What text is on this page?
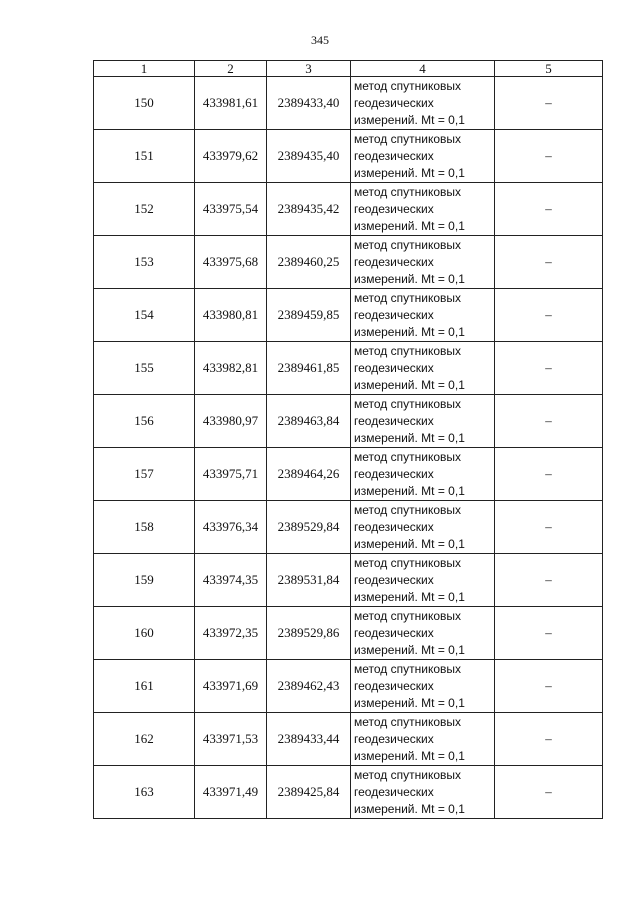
345
1	2	3	4	5
150	433981,61	2389433,40	метод спутниковых
геодезических
измерений. Mt = 0,1	–
151	433979,62	2389435,40	метод спутниковых
геодезических
измерений. Mt = 0,1	–
152	433975,54	2389435,42	метод спутниковых
геодезических
измерений. Mt = 0,1	–
153	433975,68	2389460,25	метод спутниковых
геодезических
измерений. Mt = 0,1	–
154	433980,81	2389459,85	метод спутниковых
геодезических
измерений. Mt = 0,1	–
155	433982,81	2389461,85	метод спутниковых
геодезических
измерений. Mt = 0,1	–
156	433980,97	2389463,84	метод спутниковых
геодезических
измерений. Mt = 0,1	–
157	433975,71	2389464,26	метод спутниковых
геодезических
измерений. Mt = 0,1	–
158	433976,34	2389529,84	метод спутниковых
геодезических
измерений. Mt = 0,1	–
159	433974,35	2389531,84	метод спутниковых
геодезических
измерений. Mt = 0,1	–
160	433972,35	2389529,86	метод спутниковых
геодезических
измерений. Mt = 0,1	–
161	433971,69	2389462,43	метод спутниковых
геодезических
измерений. Mt = 0,1	–
162	433971,53	2389433,44	метод спутниковых
геодезических
измерений. Mt = 0,1	–
163	433971,49	2389425,84	метод спутниковых
геодезических
измерений. Mt = 0,1	–
